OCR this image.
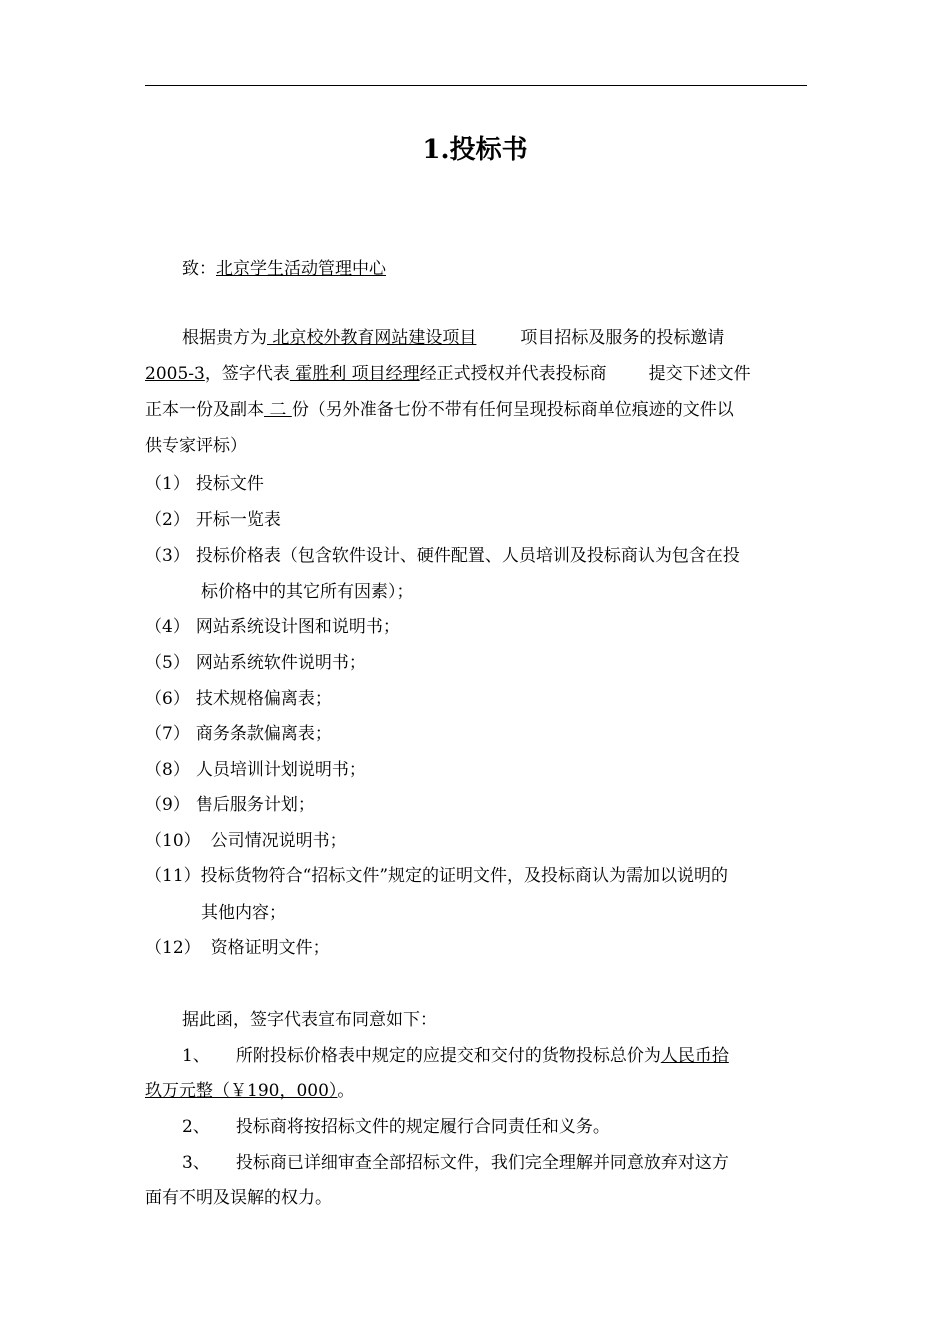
1.投标书
致：北京学生活动管理中心
根据贵方为 北京校外教育网站建设项目	项目招标及服务的投标邀请
2005-3，签字代表 霍胜利 项目经理经正式授权并代表投标商 提交下述文件
正本一份及副本 二 份（另外准备七份不带有任何呈现投标商单位痕迹的文件以
供专家评标）
（1） 投标文件
（2） 开标一览表
（3） 投标价格表（包含软件设计、硬件配置、人员培训及投标商认为包含在投
标价格中的其它所有因素）；
（4） 网站系统设计图和说明书；
（5） 网站系统软件说明书；
（6） 技术规格偏离表；
（7） 商务条款偏离表；
（8） 人员培训计划说明书；
（9） 售后服务计划；
（10） 公司情况说明书；
（11）投标货物符合“招标文件”规定的证明文件，及投标商认为需加以说明的
其他内容；
（12） 资格证明文件；
据此函，签字代表宣布同意如下：
1、 所附投标价格表中规定的应提交和交付的货物投标总价为人民币拾
玖万元整（￥190，000）。
2、 投标商将按招标文件的规定履行合同责任和义务。
3、 投标商已详细审查全部招标文件，我们完全理解并同意放弃对这方
面有不明及误解的权力。
